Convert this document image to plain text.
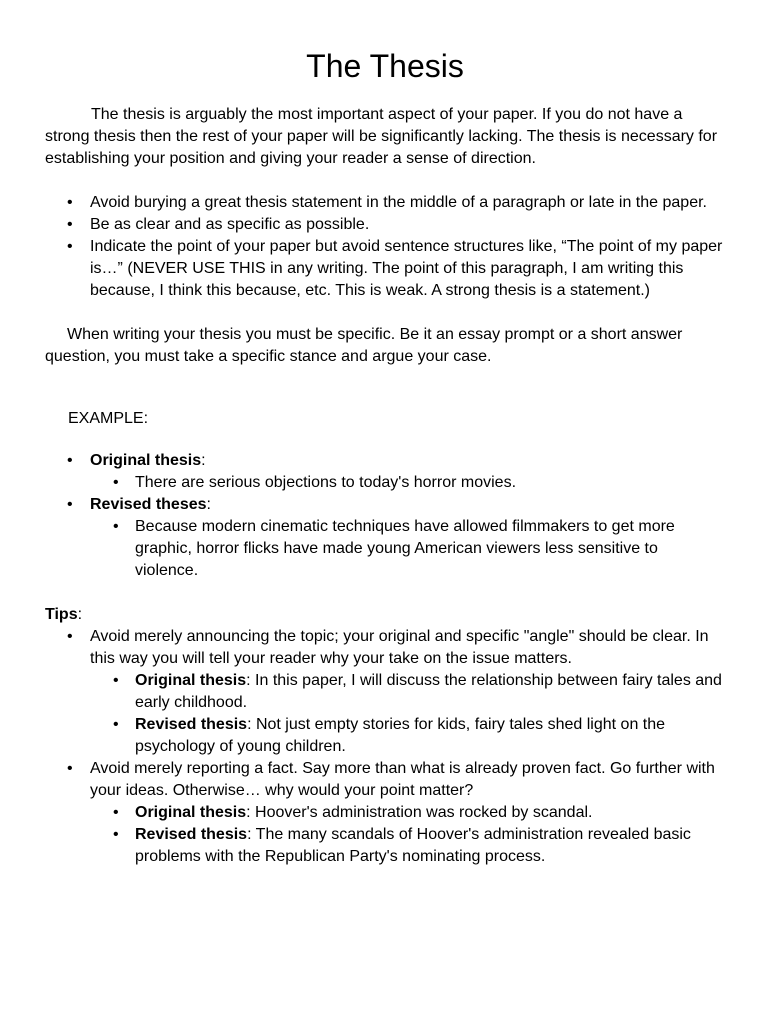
The Thesis

The thesis is arguably the most important aspect of your paper. If you do not have a strong thesis then the rest of your paper will be significantly lacking. The thesis is necessary for establishing your position and giving your reader a sense of direction.

• Avoid burying a great thesis statement in the middle of a paragraph or late in the paper.
• Be as clear and as specific as possible.
• Indicate the point of your paper but avoid sentence structures like, “The point of my paper is…” (NEVER USE THIS in any writing. The point of this paragraph, I am writing this because, I think this because, etc. This is weak. A strong thesis is a statement.)

When writing your thesis you must be specific. Be it an essay prompt or a short answer question, you must take a specific stance and argue your case.

EXAMPLE:

• Original thesis:
• There are serious objections to today's horror movies.
• Revised theses:
• Because modern cinematic techniques have allowed filmmakers to get more graphic, horror flicks have made young American viewers less sensitive to violence.

Tips:

• Avoid merely announcing the topic; your original and specific "angle" should be clear. In this way you will tell your reader why your take on the issue matters.
• Original thesis: In this paper, I will discuss the relationship between fairy tales and early childhood.
• Revised thesis: Not just empty stories for kids, fairy tales shed light on the psychology of young children.
• Avoid merely reporting a fact. Say more than what is already proven fact. Go further with your ideas. Otherwise… why would your point matter?
• Original thesis: Hoover's administration was rocked by scandal.
• Revised thesis: The many scandals of Hoover's administration revealed basic problems with the Republican Party's nominating process.
